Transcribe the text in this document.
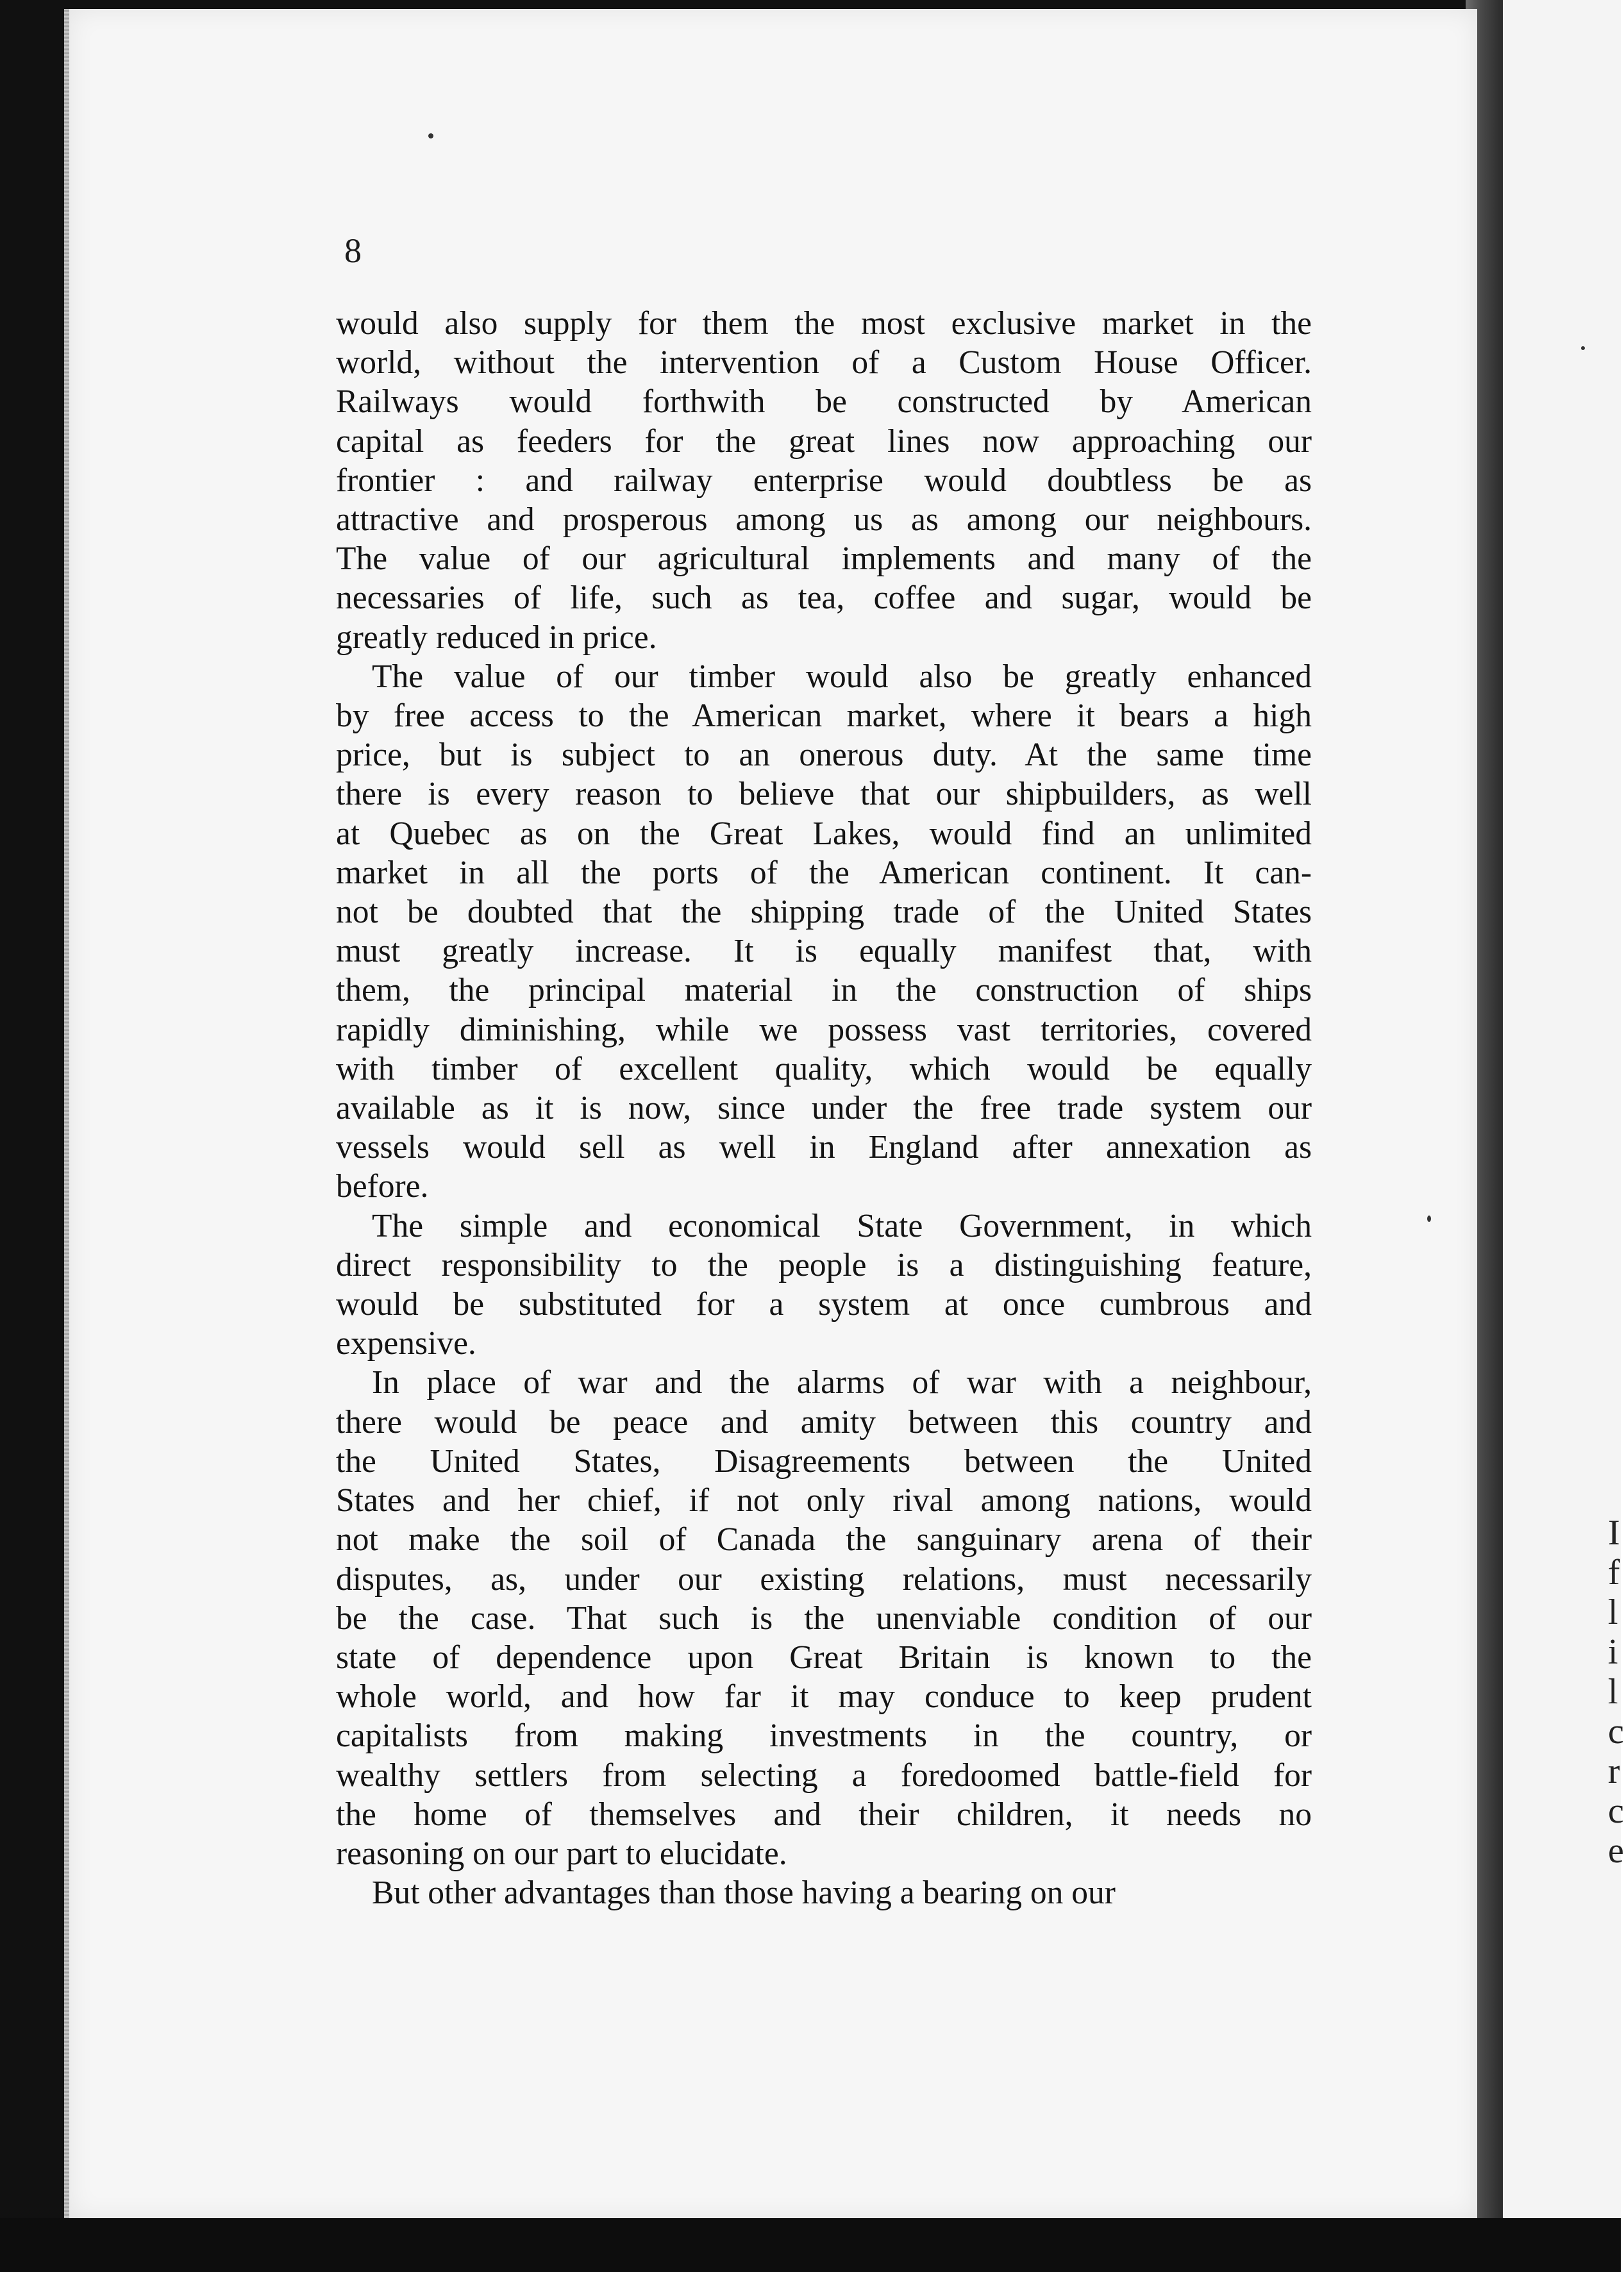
I
f
l
i
l
c
r
c
e
8
would also supply for them the most exclusive market in the
world, without the intervention of a Custom House Officer.
Railways would forthwith be constructed by American
capital as feeders for the great lines now approaching our
frontier : and railway enterprise would doubtless be as
attractive and prosperous among us as among our neighbours.
The value of our agricultural implements and many of the
necessaries of life, such as tea, coffee and sugar, would be
greatly reduced in price.
The value of our timber would also be greatly enhanced
by free access to the American market, where it bears a high
price, but is subject to an onerous duty. At the same time
there is every reason to believe that our shipbuilders, as well
at Quebec as on the Great Lakes, would find an unlimited
market in all the ports of the American continent. It can-
not be doubted that the shipping trade of the United States
must greatly increase. It is equally manifest that, with
them, the principal material in the construction of ships
rapidly diminishing, while we possess vast territories, covered
with timber of excellent quality, which would be equally
available as it is now, since under the free trade system our
vessels would sell as well in England after annexation as
before.
The simple and economical State Government, in which
direct responsibility to the people is a distinguishing feature,
would be substituted for a system at once cumbrous and
expensive.
In place of war and the alarms of war with a neighbour,
there would be peace and amity between this country and
the United States, Disagreements between the United
States and her chief, if not only rival among nations, would
not make the soil of Canada the sanguinary arena of their
disputes, as, under our existing relations, must necessarily
be the case. That such is the unenviable condition of our
state of dependence upon Great Britain is known to the
whole world, and how far it may conduce to keep prudent
capitalists from making investments in the country, or
wealthy settlers from selecting a foredoomed battle-field for
the home of themselves and their children, it needs no
reasoning on our part to elucidate.
But other advantages than those having a bearing on our
